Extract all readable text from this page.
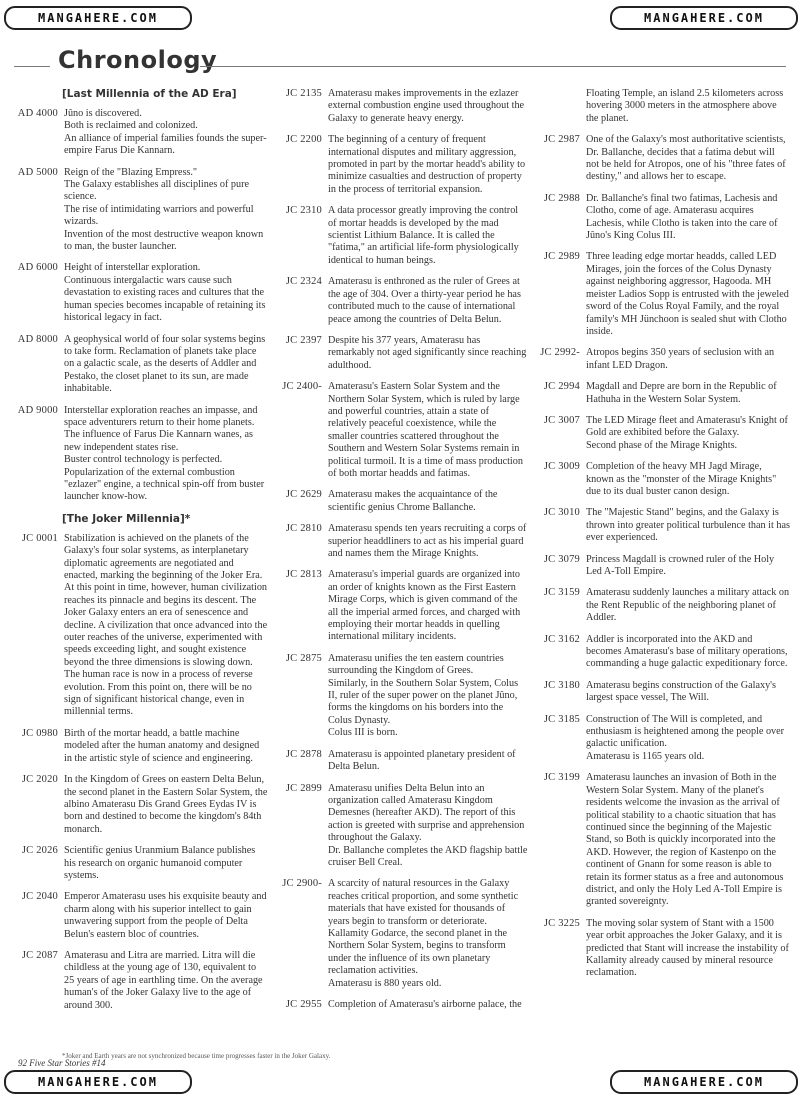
MANGAHERE.COM	MANGAHERE.COM
Chronology
[Last Millennia of the AD Era]
AD 4000 Jûno is discovered.

Both is reclaimed and colonized.

An alliance of imperial families founds the super-empire Farus Die Kannarn.

AD 5000 Reign of the "Blazing Empress."

The Galaxy establishes all disciplines of pure science.

The rise of intimidating warriors and powerful wizards.

Invention of the most destructive weapon known to man, the buster launcher.

AD 6000 Height of interstellar exploration.

Continuous intergalactic wars cause such devastation to existing races and cultures that the human species becomes incapable of retaining its historical legacy in fact.

AD 8000 A geophysical world of four solar systems begins to take form. Reclamation of planets take place on a galactic scale, as the deserts of Addler and Pestako, the closet planet to its sun, are made inhabitable.

AD 9000 Interstellar exploration reaches an impasse, and space adventurers return to their home planets.

The influence of Farus Die Kannarn wanes, as new independent states rise.

Buster control technology is perfected.

Popularization of the external combustion "ezlazer" engine, a technical spin-off from buster launcher know-how.

[The Joker Millennia]*
JC 0001 Stabilization is achieved on the planets of the Galaxy's four solar systems, as interplanetary diplomatic agreements are negotiated and enacted, marking the beginning of the Joker Era. At this point in time, however, human civilization reaches its pinnacle and begins its descent. The Joker Galaxy enters an era of senescence and decline. A civilization that once advanced into the outer reaches of the universe, experimented with speeds exceeding light, and sought existence beyond the three dimensions is slowing down.

The human race is now in a process of reverse evolution. From this point on, there will be no sign of significant historical change, even in millennial terms.

JC 0980 Birth of the mortar headd, a battle machine modeled after the human anatomy and designed in the artistic style of science and engineering.

JC 2020 In the Kingdom of Grees on eastern Delta Belun, the second planet in the Eastern Solar System, the albino Amaterasu Dis Grand Grees Eydas IV is born and destined to become the kingdom's 84th monarch.

JC 2026 Scientific genius Uranmium Balance publishes his research on organic humanoid computer systems.

JC 2040 Emperor Amaterasu uses his exquisite beauty and charm along with his superior intellect to gain unwavering support from the people of Delta Belun's eastern bloc of countries.

JC 2087 Amaterasu and Litra are married. Litra will die childless at the young age of 130, equivalent to 25 years of age in earthling time. On the average human's of the Joker Galaxy live to the age of around 300.

JC 2135 Amaterasu makes improvements in the ezlazer external combustion engine used throughout the Galaxy to generate heavy energy.

JC 2200 The beginning of a century of frequent international disputes and military aggression, promoted in part by the mortar headd's ability to minimize casualties and destruction of property in the process of territorial expansion.

JC 2310 A data processor greatly improving the control of mortar headds is developed by the mad scientist Lithium Balance. It is called the "fatima," an artificial life-form physiologically identical to human beings.

JC 2324 Amaterasu is enthroned as the ruler of Grees at the age of 304. Over a thirty-year period he has contributed much to the cause of international peace among the countries of Delta Belun.

JC 2397 Despite his 377 years, Amaterasu has remarkably not aged significantly since reaching adulthood.

JC 2400- Amaterasu's Eastern Solar System and the Northern Solar System, which is ruled by large and powerful countries, attain a state of relatively peaceful coexistence, while the smaller countries scattered throughout the Southern and Western Solar Systems remain in political turmoil. It is a time of mass production of both mortar headds and fatimas.

JC 2629 Amaterasu makes the acquaintance of the scientific genius Chrome Ballanche.

JC 2810 Amaterasu spends ten years recruiting a corps of superior headdliners to act as his imperial guard and names them the Mirage Knights.

JC 2813 Amaterasu's imperial guards are organized into an order of knights known as the First Eastern Mirage Corps, which is given command of the all the imperial armed forces, and charged with employing their mortar headds in quelling international military incidents.

JC 2875 Amaterasu unifies the ten eastern countries surrounding the Kingdom of Grees.

Similarly, in the Southern Solar System, Colus II, ruler of the super power on the planet Jûno, forms the kingdoms on his borders into the Colus Dynasty.

Colus III is born.

JC 2878 Amaterasu is appointed planetary president of Delta Belun.

JC 2899 Amaterasu unifies Delta Belun into an organization called Amaterasu Kingdom Demesnes (hereafter AKD). The report of this action is greeted with surprise and apprehension throughout the Galaxy.

Dr. Ballanche completes the AKD flagship battle cruiser Bell Creal.

JC 2900- A scarcity of natural resources in the Galaxy reaches critical proportion, and some synthetic materials that have existed for thousands of years begin to transform or deteriorate.

Kallamity Godarce, the second planet in the Northern Solar System, begins to transform under the influence of its own planetary reclamation activities.

Amaterasu is 880 years old.

JC 2955 Completion of Amaterasu's airborne palace, the

Floating Temple, an island 2.5 kilometers across hovering 3000 meters in the atmosphere above the planet.

JC 2987 One of the Galaxy's most authoritative scientists, Dr. Ballanche, decides that a fatima debut will not be held for Atropos, one of his "three fates of destiny," and allows her to escape.

JC 2988 Dr. Ballanche's final two fatimas, Lachesis and Clotho, come of age. Amaterasu acquires Lachesis, while Clotho is taken into the care of Jûno's King Colus III.

JC 2989 Three leading edge mortar headds, called LED Mirages, join the forces of the Colus Dynasty against neighboring aggressor, Hagooda. MH meister Ladios Sopp is entrusted with the jeweled sword of the Colus Royal Family, and the royal family's MH Jünchoon is sealed shut with Clotho inside.

JC 2992- Atropos begins 350 years of seclusion with an infant LED Dragon.

JC 2994 Magdall and Depre are born in the Republic of Hathuha in the Western Solar System.

JC 3007 The LED Mirage fleet and Amaterasu's Knight of Gold are exhibited before the Galaxy.

Second phase of the Mirage Knights.

JC 3009 Completion of the heavy MH Jagd Mirage, known as the "monster of the Mirage Knights" due to its dual buster canon design.

JC 3010 The "Majestic Stand" begins, and the Galaxy is thrown into greater political turbulence than it has ever experienced.

JC 3079 Princess Magdall is crowned ruler of the Holy Led A-Toll Empire.

JC 3159 Amaterasu suddenly launches a military attack on the Rent Republic of the neighboring planet of Addler.

JC 3162 Addler is incorporated into the AKD and becomes Amaterasu's base of military operations, commanding a huge galactic expeditionary force.

JC 3180 Amaterasu begins construction of the Galaxy's largest space vessel, The Will.

JC 3185 Construction of The Will is completed, and enthusiasm is heightened among the people over galactic unification.

Amaterasu is 1165 years old.

JC 3199 Amaterasu launches an invasion of Both in the Western Solar System. Many of the planet's residents welcome the invasion as the arrival of political stability to a chaotic situation that has continued since the beginning of the Majestic Stand, so Both is quickly incorporated into the AKD. However, the region of Kastenpo on the continent of Gnann for some reason is able to retain its former status as a free and autonomous district, and only the Holy Led A-Toll Empire is granted sovereignty.

JC 3225 The moving solar system of Stant with a 1500 year orbit approaches the Joker Galaxy, and it is predicted that Stant will increase the instability of Kallamity already caused by mineral resource reclamation.

*Joker and Earth years are not synchronized because time progresses faster in the Joker Galaxy.
92 Five Star Stories #14
MANGAHERE.COM	MANGAHERE.COM
